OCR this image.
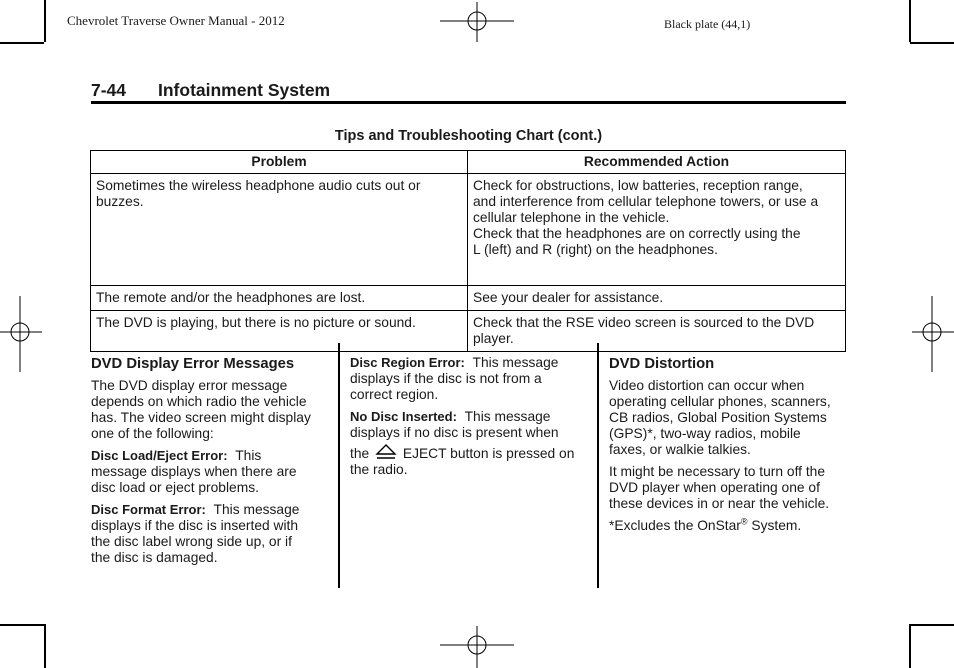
Chevrolet Traverse Owner Manual - 2012	Black plate (44,1)
7-44 Infotainment System
Tips and Troubleshooting Chart (cont.)
Problem	Recommended Action

Sometimes the wireless headphone audio cuts out or
buzzes.	Check for obstructions, low batteries, reception range,
and interference from cellular telephone towers, or use a
cellular telephone in the vehicle.
Check that the headphones are on correctly using the
L (left) and R (right) on the headphones.

The remote and/or the headphones are lost.	See your dealer for assistance.

The DVD is playing, but there is no picture or sound.	Check that the RSE video screen is sourced to the DVD
player.
DVD Display Error Messages

The DVD display error message
depends on which radio the vehicle
has. The video screen might display
one of the following:

Disc Load/Eject Error: This
message displays when there are
disc load or eject problems.

Disc Format Error: This message
displays if the disc is inserted with
the disc label wrong side up, or if
the disc is damaged.

Disc Region Error: This message
displays if the disc is not from a
correct region.

No Disc Inserted: This message
displays if no disc is present when
the EJECT button is pressed on
the radio.

DVD Distortion

Video distortion can occur when
operating cellular phones, scanners,
CB radios, Global Position Systems
(GPS)*, two-way radios, mobile
faxes, or walkie talkies.

It might be necessary to turn off the
DVD player when operating one of
these devices in or near the vehicle.

*Excludes the OnStar® System.
